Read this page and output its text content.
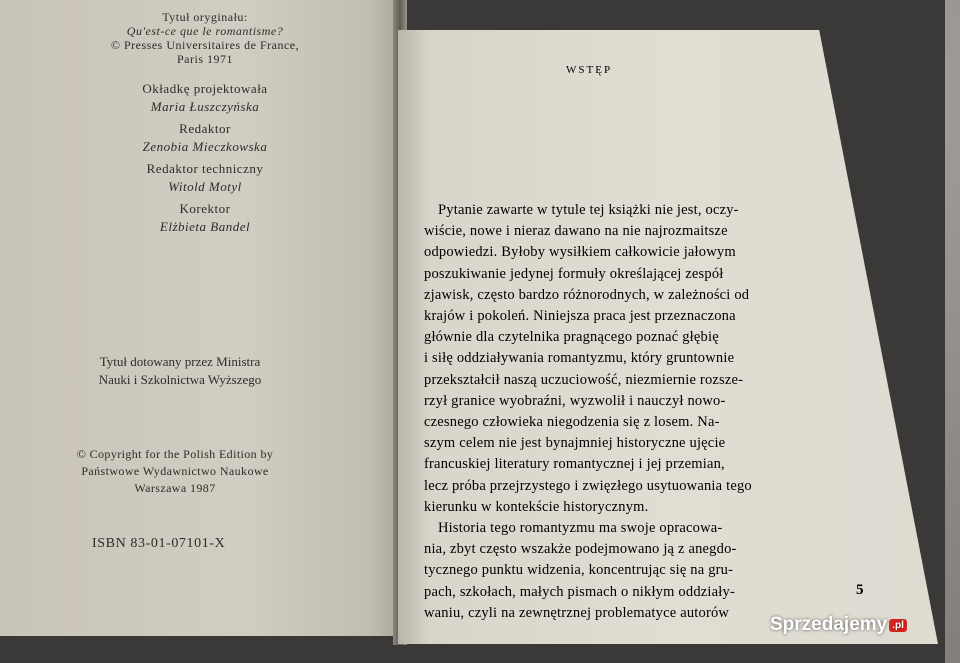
Tytuł oryginału:
Qu'est-ce que le romantisme?
© Presses Universitaires de France,
Paris 1971
Okładkę projektowała
Maria Łuszczyńska
Redaktor
Zenobia Mieczkowska
Redaktor techniczny
Witold Motyl
Korektor
Elżbieta Bandel
Tytuł dotowany przez Ministra
Nauki i Szkolnictwa Wyższego
© Copyright for the Polish Edition by
Państwowe Wydawnictwo Naukowe
Warszawa 1987
ISBN 83-01-07101-X
WSTĘP
Pytanie zawarte w tytule tej książki nie jest, oczy-
wiście, nowe i nieraz dawano na nie najrozmaitsze
odpowiedzi. Byłoby wysiłkiem całkowicie jałowym
poszukiwanie jedynej formuły określającej zespół
zjawisk, często bardzo różnorodnych, w zależności od
krajów i pokoleń. Niniejsza praca jest przeznaczona
głównie dla czytelnika pragnącego poznać głębię
i siłę oddziaływania romantyzmu, który gruntownie
przekształcił naszą uczuciowość, niezmiernie rozsze-
rzył granice wyobraźni, wyzwolił i nauczył nowo-
czesnego człowieka niegodzenia się z losem. Na-
szym celem nie jest bynajmniej historyczne ujęcie
francuskiej literatury romantycznej i jej przemian,
lecz próba przejrzystego i zwięzłego usytuowania tego
kierunku w kontekście historycznym.
Historia tego romantyzmu ma swoje opracowa-
nia, zbyt często wszakże podejmowano ją z anegdo-
tycznego punktu widzenia, koncentrując się na gru-
pach, szkołach, małych pismach o nikłym oddziały-
waniu, czyli na zewnętrznej problematyce autorów
5
Sprzedajemy .pl
